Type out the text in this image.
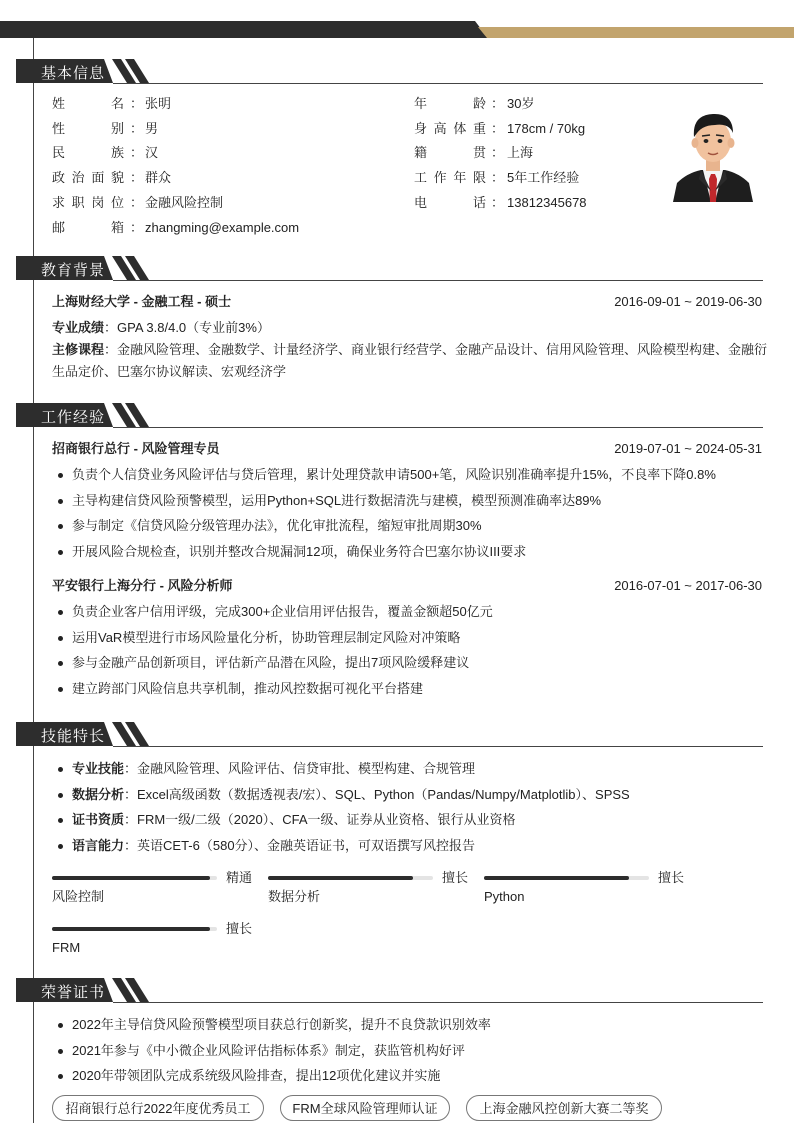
基本信息
姓	名 ： 张明
性	别 ： 男
民	族 ： 汉
政 治 面 貌 ： 群众
求 职 岗 位 ： 金融风险控制
邮	箱 ： zhangming@example.com
年	龄 ： 30岁
身 高 体 重 ： 178cm / 70kg
籍	贯 ： 上海
工 作 年 限 ： 5年工作经验
电	话 ： 13812345678
教育背景
上海财经大学 - 金融工程 - 硕士	2016-09-01 ~ 2019-06-30
专业成绩：GPA 3.8/4.0（专业前3%）
主修课程：金融风险管理、金融数学、计量经济学、商业银行经营学、金融产品设计、信用风险管理、风险模型构建、金融衍
生品定价、巴塞尔协议解读、宏观经济学
工作经验
招商银行总行 - 风险管理专员	2019-07-01 ~ 2024-05-31
负责个人信贷业务风险评估与贷后管理，累计处理贷款申请500+笔，风险识别准确率提升15%，不良率下降0.8%
主导构建信贷风险预警模型，运用Python+SQL进行数据清洗与建模，模型预测准确率达89%
参与制定《信贷风险分级管理办法》，优化审批流程，缩短审批周期30%
开展风险合规检查，识别并整改合规漏洞12项，确保业务符合巴塞尔协议III要求
平安银行上海分行 - 风险分析师	2016-07-01 ~ 2017-06-30
负责企业客户信用评级，完成300+企业信用评估报告，覆盖金额超50亿元
运用VaR模型进行市场风险量化分析，协助管理层制定风险对冲策略
参与金融产品创新项目，评估新产品潜在风险，提出7项风险缓释建议
建立跨部门风险信息共享机制，推动风控数据可视化平台搭建
技能特长
专业技能：金融风险管理、风险评估、信贷审批、模型构建、合规管理
数据分析：Excel高级函数（数据透视表/宏）、SQL、Python（Pandas/Numpy/Matplotlib）、SPSS
证书资质：FRM一级/二级（2020）、CFA一级、证券从业资格、银行从业资格
语言能力：英语CET-6（580分）、金融英语证书，可双语撰写风控报告
精通
风险控制
擅长
数据分析
擅长
Python
擅长
FRM
荣誉证书
2022年主导信贷风险预警模型项目获总行创新奖，提升不良贷款识别效率
2021年参与《中小微企业风险评估指标体系》制定，获监管机构好评
2020年带领团队完成系统级风险排查，提出12项优化建议并实施
招商银行总行2022年度优秀员工	FRM全球风险管理师认证	上海金融风控创新大赛二等奖
